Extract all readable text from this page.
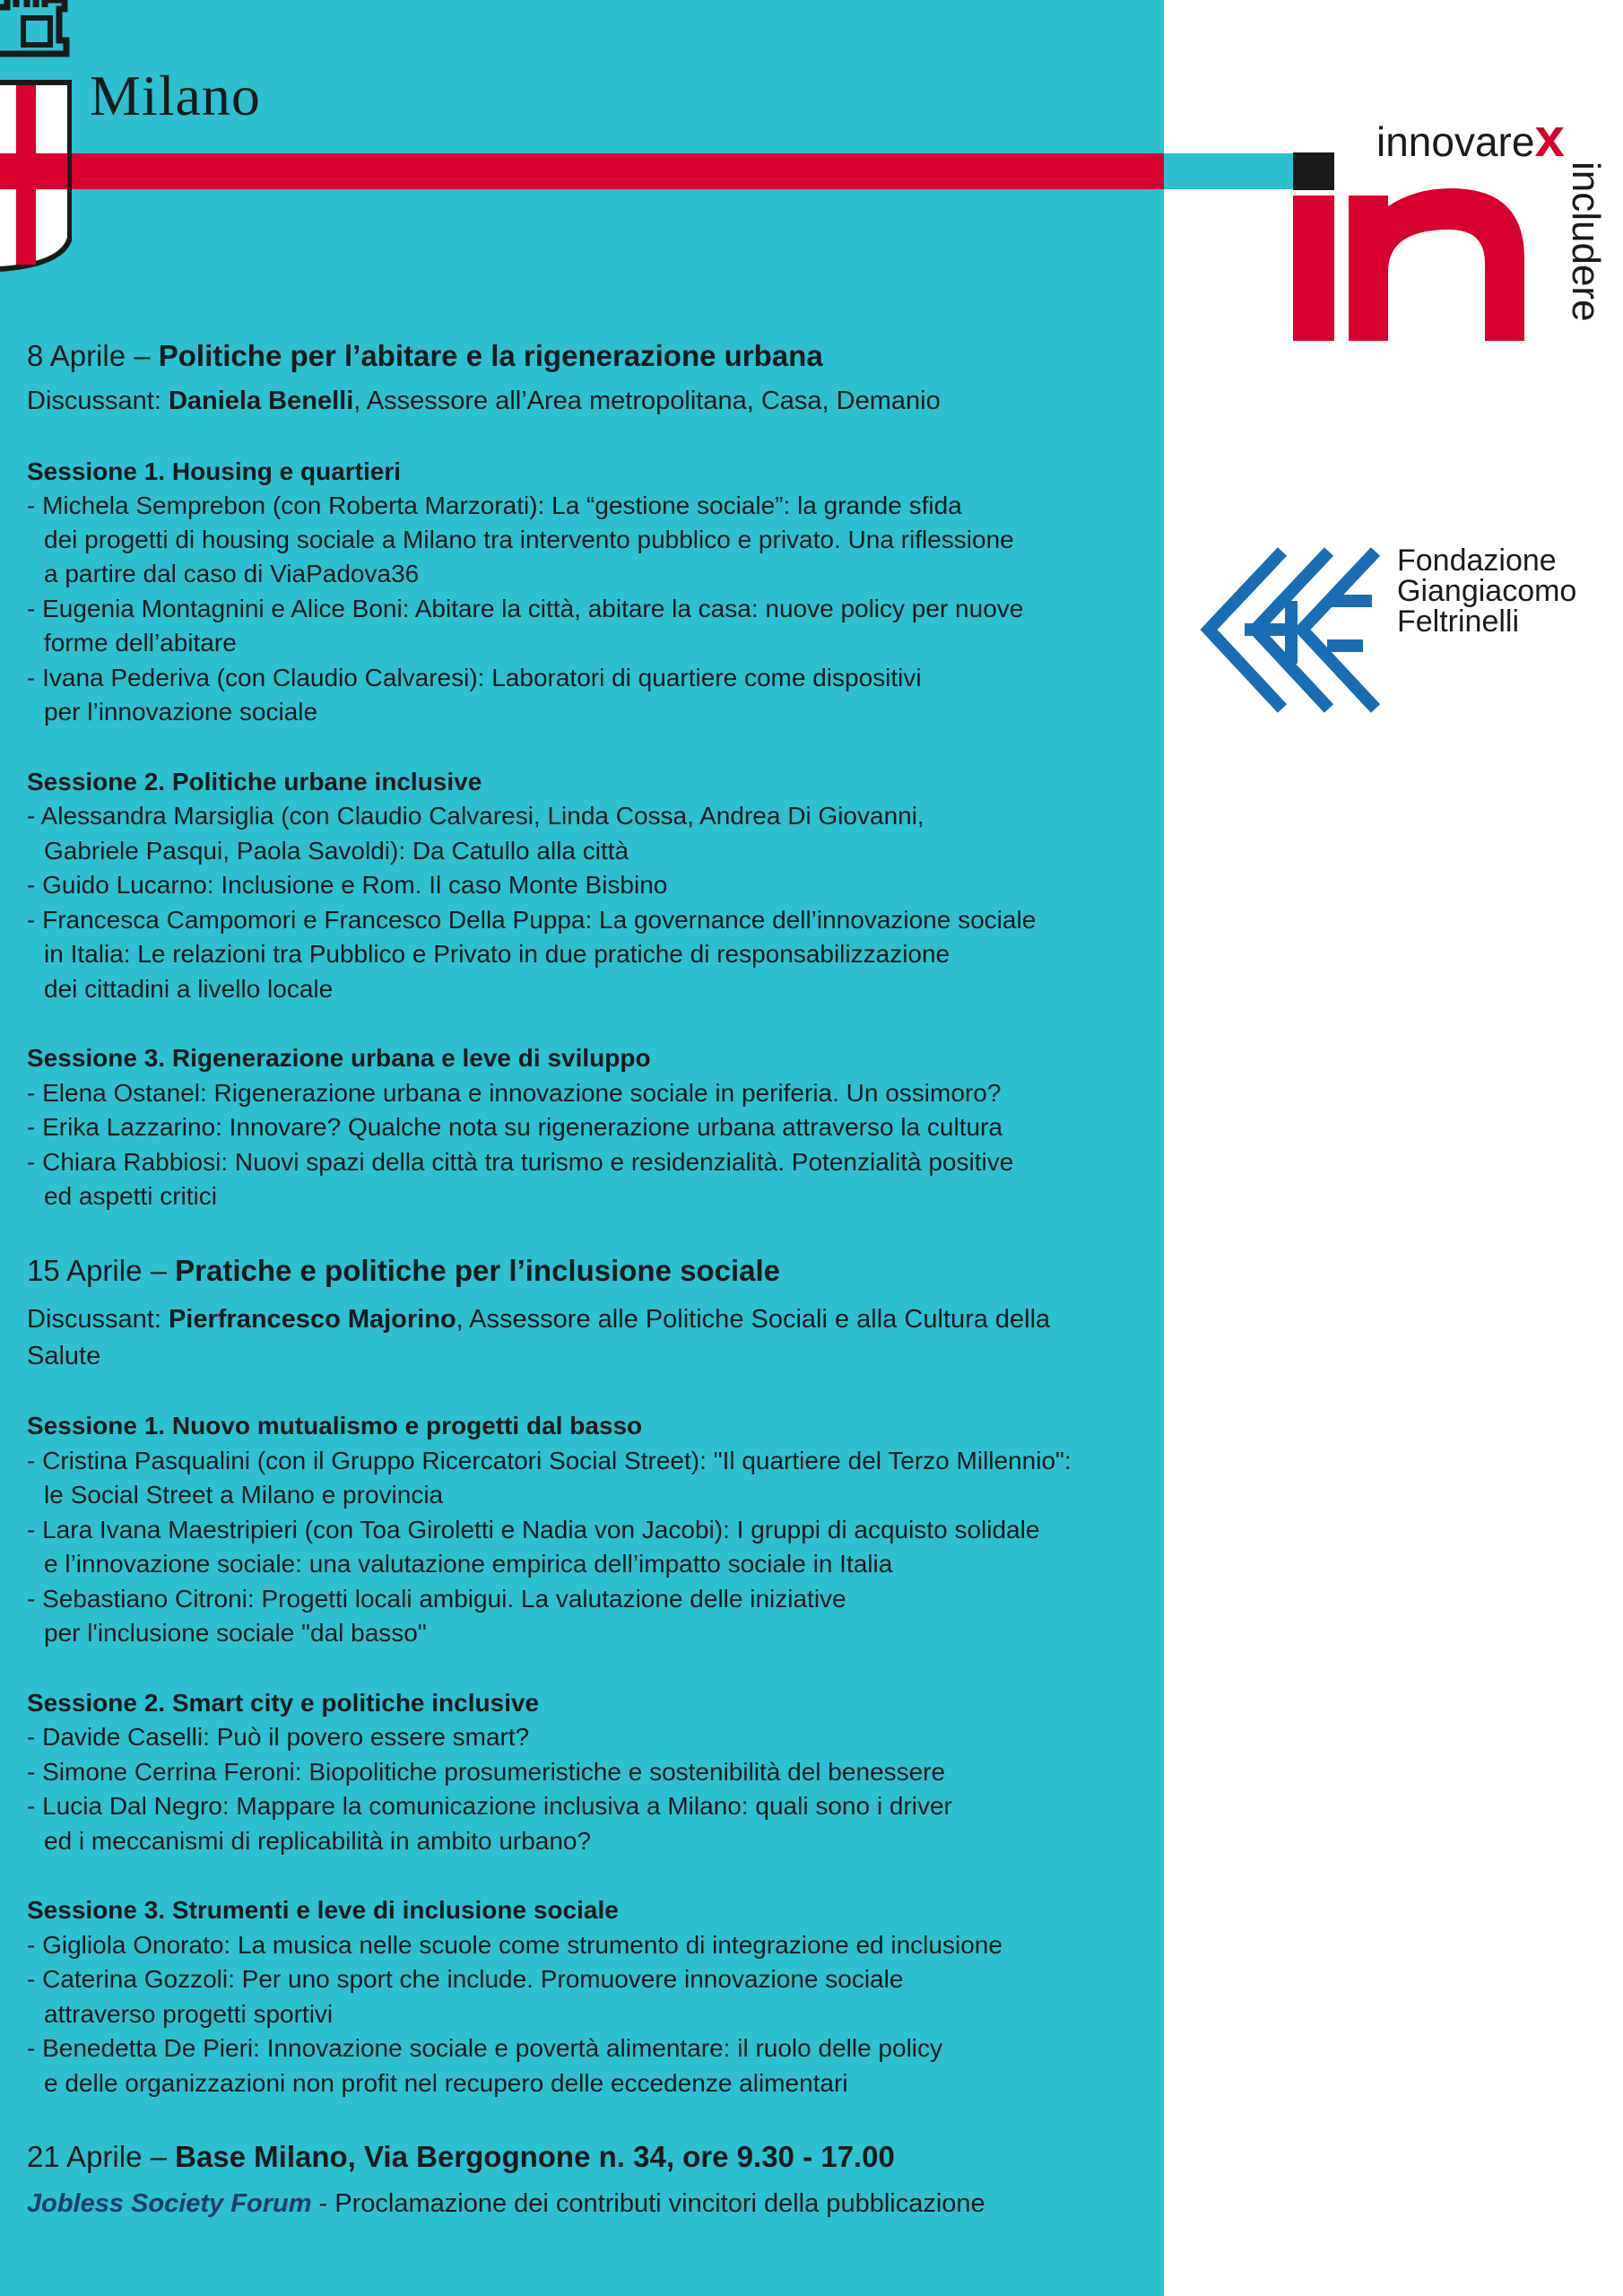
Milano
innovarex
includere
Fondazione
Giangiacomo
Feltrinelli
8 Aprile – Politiche per l’abitare e la rigenerazione urbana
Discussant: Daniela Benelli, Assessore all’Area metropolitana, Casa, Demanio
Sessione 1. Housing e quartieri
- Michela Semprebon (con Roberta Marzorati): La “gestione sociale”: la grande sfida
dei progetti di housing sociale a Milano tra intervento pubblico e privato. Una riflessione
a partire dal caso di ViaPadova36
- Eugenia Montagnini e Alice Boni: Abitare la città, abitare la casa: nuove policy per nuove
forme dell’abitare
- Ivana Pederiva (con Claudio Calvaresi): Laboratori di quartiere come dispositivi
per l’innovazione sociale
Sessione 2. Politiche urbane inclusive
- Alessandra Marsiglia (con Claudio Calvaresi, Linda Cossa, Andrea Di Giovanni,
Gabriele Pasqui, Paola Savoldi): Da Catullo alla città
- Guido Lucarno: Inclusione e Rom. Il caso Monte Bisbino
- Francesca Campomori e Francesco Della Puppa: La governance dell’innovazione sociale
in Italia: Le relazioni tra Pubblico e Privato in due pratiche di responsabilizzazione
dei cittadini a livello locale
Sessione 3. Rigenerazione urbana e leve di sviluppo
- Elena Ostanel: Rigenerazione urbana e innovazione sociale in periferia. Un ossimoro?
- Erika Lazzarino: Innovare? Qualche nota su rigenerazione urbana attraverso la cultura
- Chiara Rabbiosi: Nuovi spazi della città tra turismo e residenzialità. Potenzialità positive
ed aspetti critici
15 Aprile – Pratiche e politiche per l’inclusione sociale
Discussant: Pierfrancesco Majorino, Assessore alle Politiche Sociali e alla Cultura della
Salute
Sessione 1. Nuovo mutualismo e progetti dal basso
- Cristina Pasqualini (con il Gruppo Ricercatori Social Street): "Il quartiere del Terzo Millennio":
le Social Street a Milano e provincia
- Lara Ivana Maestripieri (con Toa Giroletti e Nadia von Jacobi): I gruppi di acquisto solidale
e l’innovazione sociale: una valutazione empirica dell’impatto sociale in Italia
- Sebastiano Citroni: Progetti locali ambigui. La valutazione delle iniziative
per l'inclusione sociale "dal basso"
Sessione 2. Smart city e politiche inclusive
- Davide Caselli: Può il povero essere smart?
- Simone Cerrina Feroni: Biopolitiche prosumeristiche e sostenibilità del benessere
- Lucia Dal Negro: Mappare la comunicazione inclusiva a Milano: quali sono i driver
ed i meccanismi di replicabilità in ambito urbano?
Sessione 3. Strumenti e leve di inclusione sociale
- Gigliola Onorato: La musica nelle scuole come strumento di integrazione ed inclusione
- Caterina Gozzoli: Per uno sport che include. Promuovere innovazione sociale
attraverso progetti sportivi
- Benedetta De Pieri: Innovazione sociale e povertà alimentare: il ruolo delle policy
e delle organizzazioni non profit nel recupero delle eccedenze alimentari
21 Aprile – Base Milano, Via Bergognone n. 34, ore 9.30 - 17.00
Jobless Society Forum - Proclamazione dei contributi vincitori della pubblicazione
